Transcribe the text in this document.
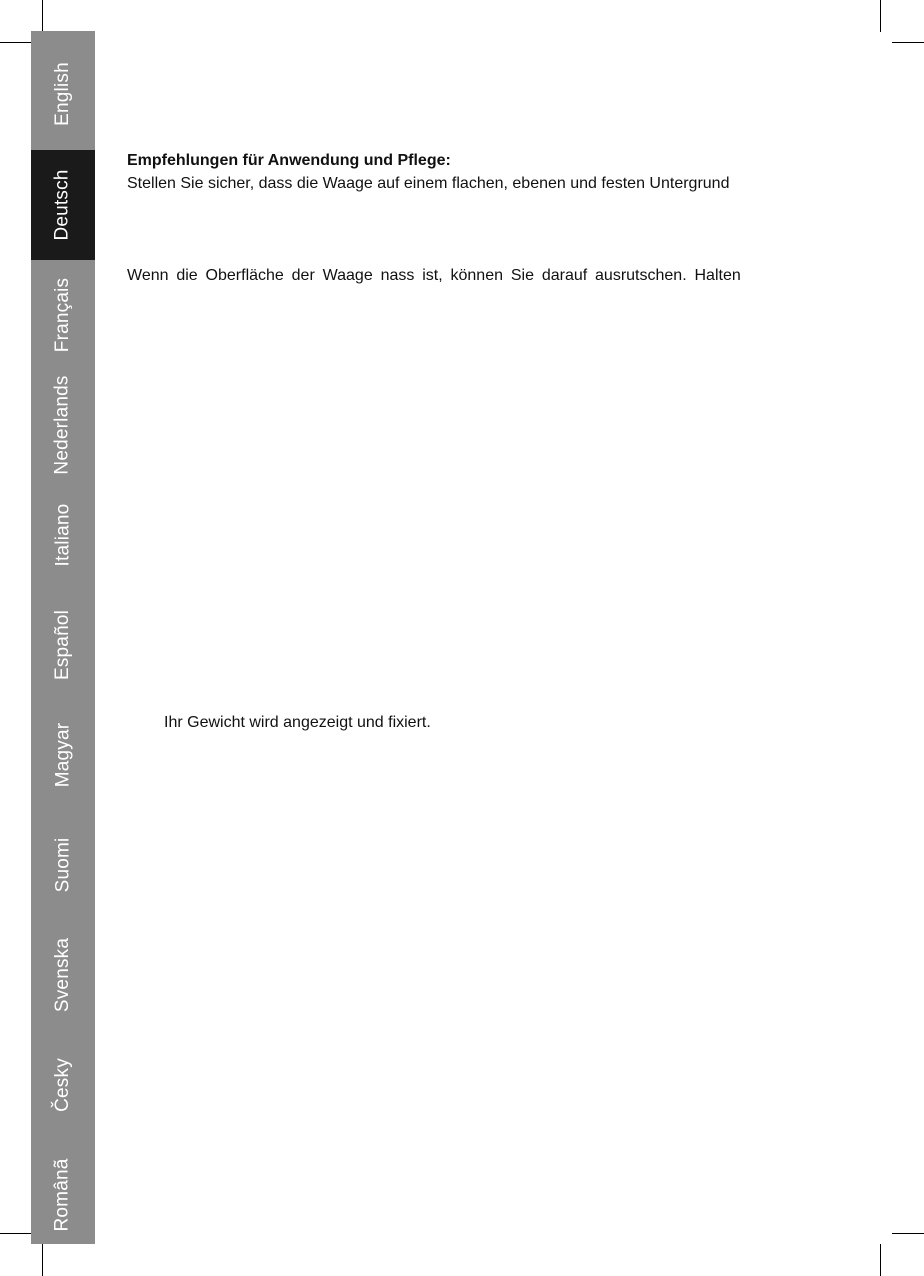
English
Deutsch
Français
Nederlands
Italiano
Español
Magyar
Suomi
Svenska
Česky
Românã
Empfehlungen für Anwendung und Pflege:
Stellen Sie sicher, dass die Waage auf einem flachen, ebenen und festen Untergrund
Wenn die Oberfläche der Waage nass ist, können Sie darauf ausrutschen. Halten
Ihr Gewicht wird angezeigt und fixiert.
